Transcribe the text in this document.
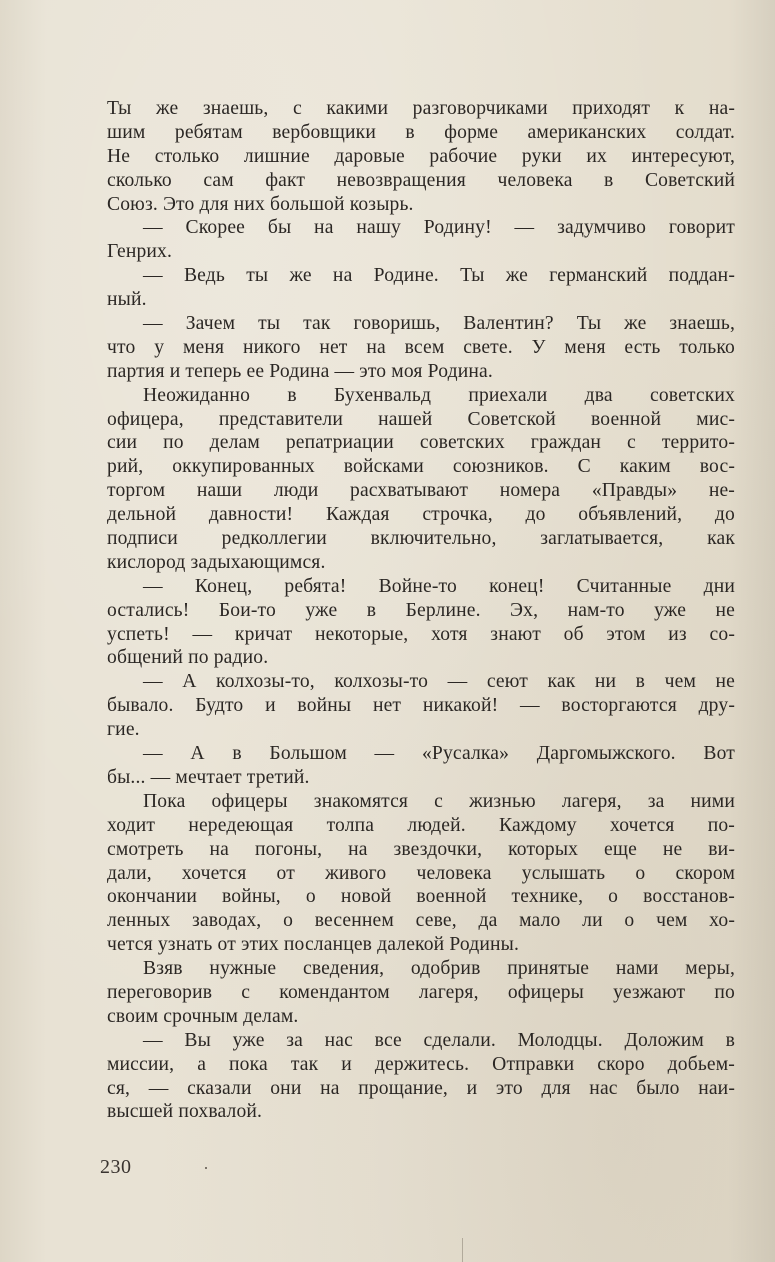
Ты же знаешь, с какими разговорчиками приходят к на-
шим ребятам вербовщики в форме американских солдат.
Не столько лишние даровые рабочие руки их интересуют,
сколько сам факт невозвращения человека в Советский
Союз. Это для них большой козырь.
— Скорее бы на нашу Родину! — задумчиво говорит
Генрих.
— Ведь ты же на Родине. Ты же германский поддан-
ный.
— Зачем ты так говоришь, Валентин? Ты же знаешь,
что у меня никого нет на всем свете. У меня есть только
партия и теперь ее Родина — это моя Родина.
Неожиданно в Бухенвальд приехали два советских
офицера, представители нашей Советской военной мис-
сии по делам репатриации советских граждан с террито-
рий, оккупированных войсками союзников. С каким вос-
торгом наши люди расхватывают номера «Правды» не-
дельной давности! Каждая строчка, до объявлений, до
подписи редколлегии включительно, заглатывается, как
кислород задыхающимся.
— Конец, ребята! Войне-то конец! Считанные дни
остались! Бои-то уже в Берлине. Эх, нам-то уже не
успеть! — кричат некоторые, хотя знают об этом из со-
общений по радио.
— А колхозы-то, колхозы-то — сеют как ни в чем не
бывало. Будто и войны нет никакой! — восторгаются дру-
гие.
— А в Большом — «Русалка» Даргомыжского. Вот
бы... — мечтает третий.
Пока офицеры знакомятся с жизнью лагеря, за ними
ходит нередеющая толпа людей. Каждому хочется по-
смотреть на погоны, на звездочки, которых еще не ви-
дали, хочется от живого человека услышать о скором
окончании войны, о новой военной технике, о восстанов-
ленных заводах, о весеннем севе, да мало ли о чем хо-
чется узнать от этих посланцев далекой Родины.
Взяв нужные сведения, одобрив принятые нами меры,
переговорив с комендантом лагеря, офицеры уезжают по
своим срочным делам.
— Вы уже за нас все сделали. Молодцы. Доложим в
миссии, а пока так и держитесь. Отправки скоро добьем-
ся, — сказали они на прощание, и это для нас было наи-
высшей похвалой.
230
